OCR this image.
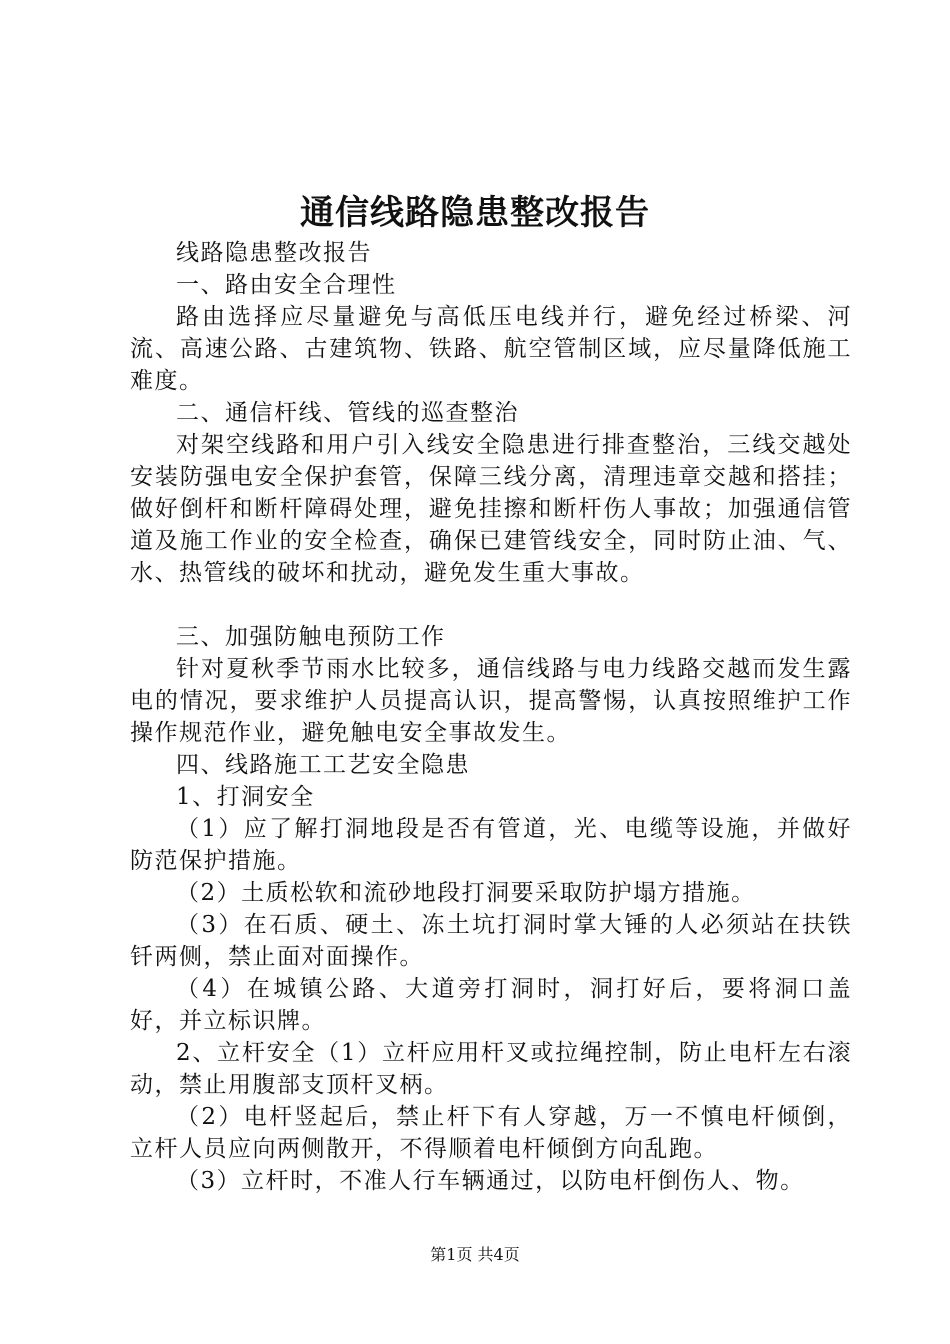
通信线路隐患整改报告

线路隐患整改报告

一、路由安全合理性

路由选择应尽量避免与高低压电线并行，避免经过桥梁、河流、高速公路、古建筑物、铁路、航空管制区域，应尽量降低施工难度。

二、通信杆线、管线的巡查整治

对架空线路和用户引入线安全隐患进行排查整治，三线交越处安装防强电安全保护套管，保障三线分离，清理违章交越和搭挂；做好倒杆和断杆障碍处理，避免挂擦和断杆伤人事故；加强通信管道及施工作业的安全检查，确保已建管线安全，同时防止油、气、水、热管线的破坏和扰动，避免发生重大事故。

三、加强防触电预防工作

针对夏秋季节雨水比较多，通信线路与电力线路交越而发生露电的情况，要求维护人员提高认识，提高警惕，认真按照维护工作操作规范作业，避免触电安全事故发生。

四、线路施工工艺安全隐患

1、打洞安全

（1）应了解打洞地段是否有管道，光、电缆等设施，并做好防范保护措施。

（2）土质松软和流砂地段打洞要采取防护塌方措施。

（3）在石质、硬土、冻土坑打洞时掌大锤的人必须站在扶铁钎两侧，禁止面对面操作。

（4）在城镇公路、大道旁打洞时，洞打好后，要将洞口盖好，并立标识牌。

2、立杆安全（1）立杆应用杆叉或拉绳控制，防止电杆左右滚动，禁止用腹部支顶杆叉柄。

（2）电杆竖起后，禁止杆下有人穿越，万一不慎电杆倾倒，立杆人员应向两侧散开，不得顺着电杆倾倒方向乱跑。

（3）立杆时，不准人行车辆通过，以防电杆倒伤人、物。

第1页 共4页
